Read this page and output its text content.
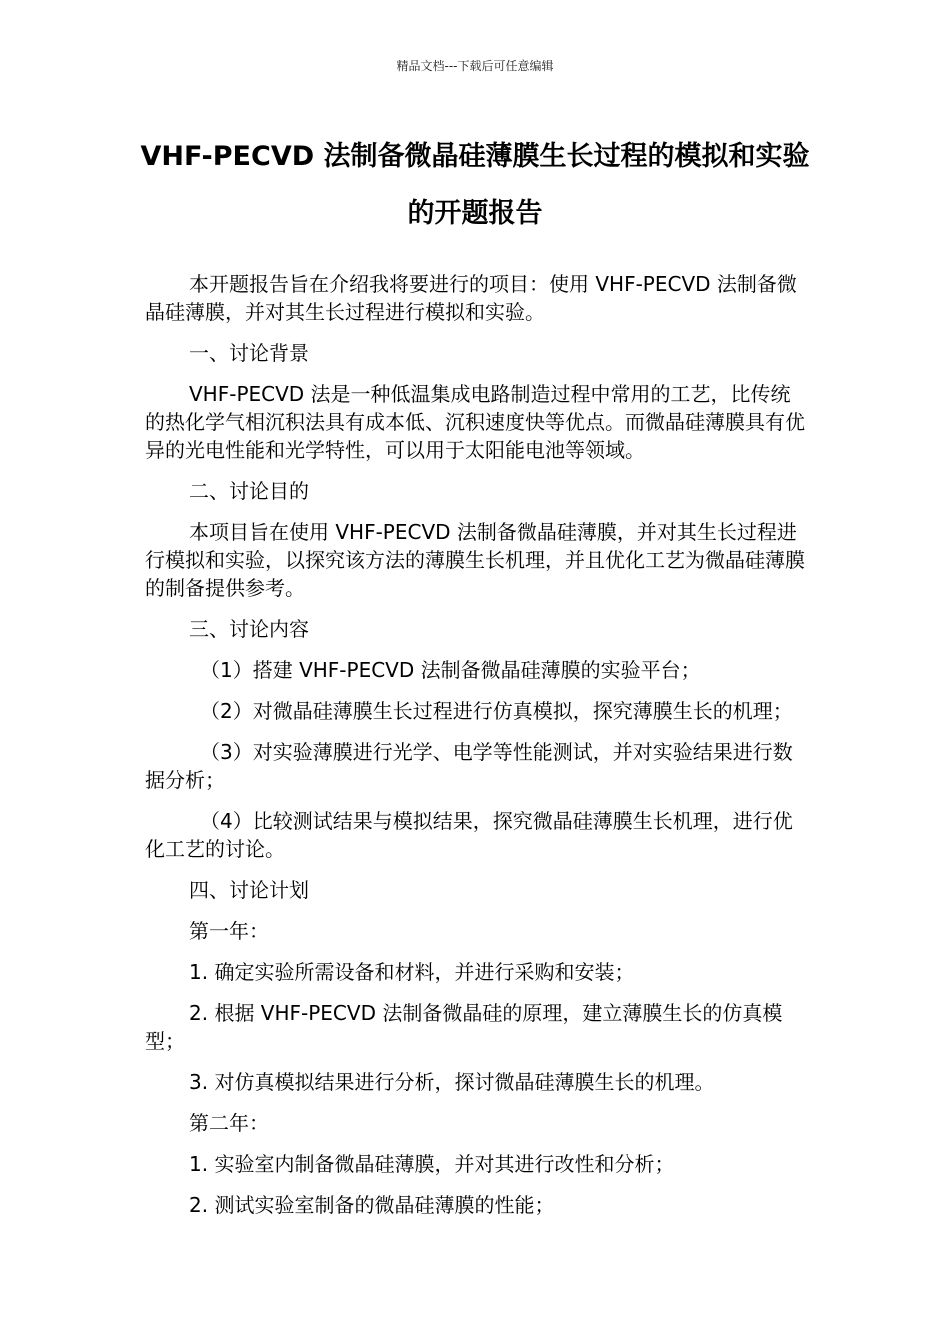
精品文档---下载后可任意编辑
VHF-PECVD 法制备微晶硅薄膜生长过程的模拟和实验的开题报告

本开题报告旨在介绍我将要进行的项目：使用 VHF-PECVD 法制备微晶硅薄膜，并对其生长过程进行模拟和实验。

一、讨论背景

VHF-PECVD 法是一种低温集成电路制造过程中常用的工艺，比传统的热化学气相沉积法具有成本低、沉积速度快等优点。而微晶硅薄膜具有优异的光电性能和光学特性，可以用于太阳能电池等领域。

二、讨论目的

本项目旨在使用 VHF-PECVD 法制备微晶硅薄膜，并对其生长过程进行模拟和实验，以探究该方法的薄膜生长机理，并且优化工艺为微晶硅薄膜的制备提供参考。

三、讨论内容

（1）搭建 VHF-PECVD 法制备微晶硅薄膜的实验平台；

（2）对微晶硅薄膜生长过程进行仿真模拟，探究薄膜生长的机理；

（3）对实验薄膜进行光学、电学等性能测试，并对实验结果进行数据分析；

（4）比较测试结果与模拟结果，探究微晶硅薄膜生长机理，进行优化工艺的讨论。

四、讨论计划

第一年：

1. 确定实验所需设备和材料，并进行采购和安装；

2. 根据 VHF-PECVD 法制备微晶硅的原理，建立薄膜生长的仿真模型；

3. 对仿真模拟结果进行分析，探讨微晶硅薄膜生长的机理。

第二年：

1. 实验室内制备微晶硅薄膜，并对其进行改性和分析；

2. 测试实验室制备的微晶硅薄膜的性能；
